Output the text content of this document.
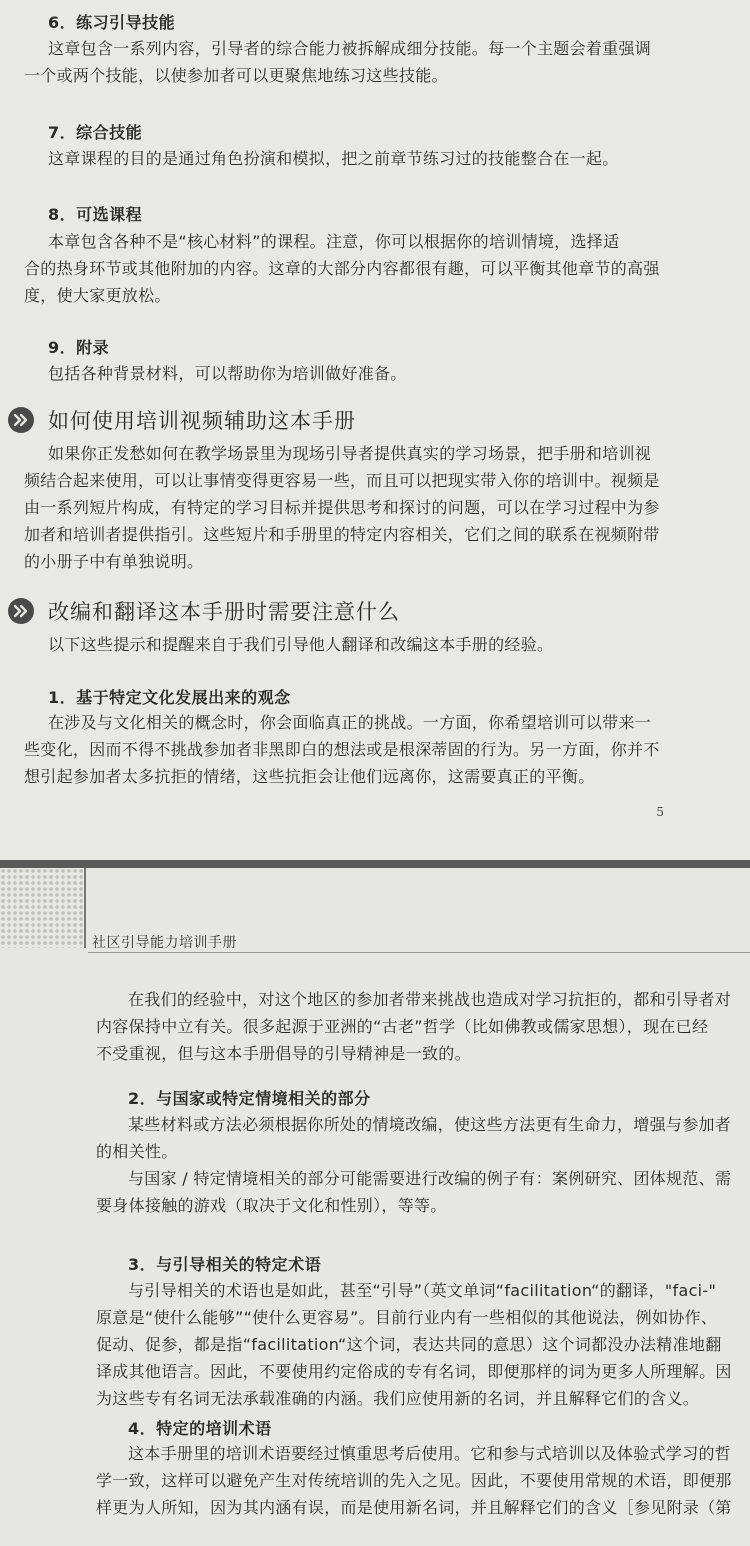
6．练习引导技能
这章包含一系列内容，引导者的综合能力被拆解成细分技能。每一个主题会着重强调
一个或两个技能，以使参加者可以更聚焦地练习这些技能。
7．综合技能
这章课程的目的是通过角色扮演和模拟，把之前章节练习过的技能整合在一起。
8．可选课程
本章包含各种不是“核心材料”的课程。注意，你可以根据你的培训情境，选择适
合的热身环节或其他附加的内容。这章的大部分内容都很有趣，可以平衡其他章节的高强
度，使大家更放松。
9．附录
包括各种背景材料，可以帮助你为培训做好准备。
如何使用培训视频辅助这本手册
如果你正发愁如何在教学场景里为现场引导者提供真实的学习场景，把手册和培训视
频结合起来使用，可以让事情变得更容易一些，而且可以把现实带入你的培训中。视频是
由一系列短片构成，有特定的学习目标并提供思考和探讨的问题，可以在学习过程中为参
加者和培训者提供指引。这些短片和手册里的特定内容相关，它们之间的联系在视频附带
的小册子中有单独说明。
改编和翻译这本手册时需要注意什么
以下这些提示和提醒来自于我们引导他人翻译和改编这本手册的经验。
1．基于特定文化发展出来的观念
在涉及与文化相关的概念时，你会面临真正的挑战。一方面，你希望培训可以带来一
些变化，因而不得不挑战参加者非黑即白的想法或是根深蒂固的行为。另一方面，你并不
想引起参加者太多抗拒的情绪，这些抗拒会让他们远离你，这需要真正的平衡。
5
社区引导能力培训手册
在我们的经验中，对这个地区的参加者带来挑战也造成对学习抗拒的，都和引导者对
内容保持中立有关。很多起源于亚洲的“古老”哲学（比如佛教或儒家思想），现在已经
不受重视，但与这本手册倡导的引导精神是一致的。
2．与国家或特定情境相关的部分
某些材料或方法必须根据你所处的情境改编，使这些方法更有生命力，增强与参加者
的相关性。
与国家 / 特定情境相关的部分可能需要进行改编的例子有：案例研究、团体规范、需
要身体接触的游戏（取决于文化和性别），等等。
3．与引导相关的特定术语
与引导相关的术语也是如此，甚至“引导”（英文单词“facilitation“的翻译，"faci-"
原意是“使什么能够”“使什么更容易”。目前行业内有一些相似的其他说法，例如协作、
促动、促参，都是指“facilitation“这个词，表达共同的意思）这个词都没办法精准地翻
译成其他语言。因此，不要使用约定俗成的专有名词，即便那样的词为更多人所理解。因
为这些专有名词无法承载准确的内涵。我们应使用新的名词，并且解释它们的含义。
4．特定的培训术语
这本手册里的培训术语要经过慎重思考后使用。它和参与式培训以及体验式学习的哲
学一致，这样可以避免产生对传统培训的先入之见。因此，不要使用常规的术语，即便那
样更为人所知，因为其内涵有误，而是使用新名词，并且解释它们的含义［参见附录（第
